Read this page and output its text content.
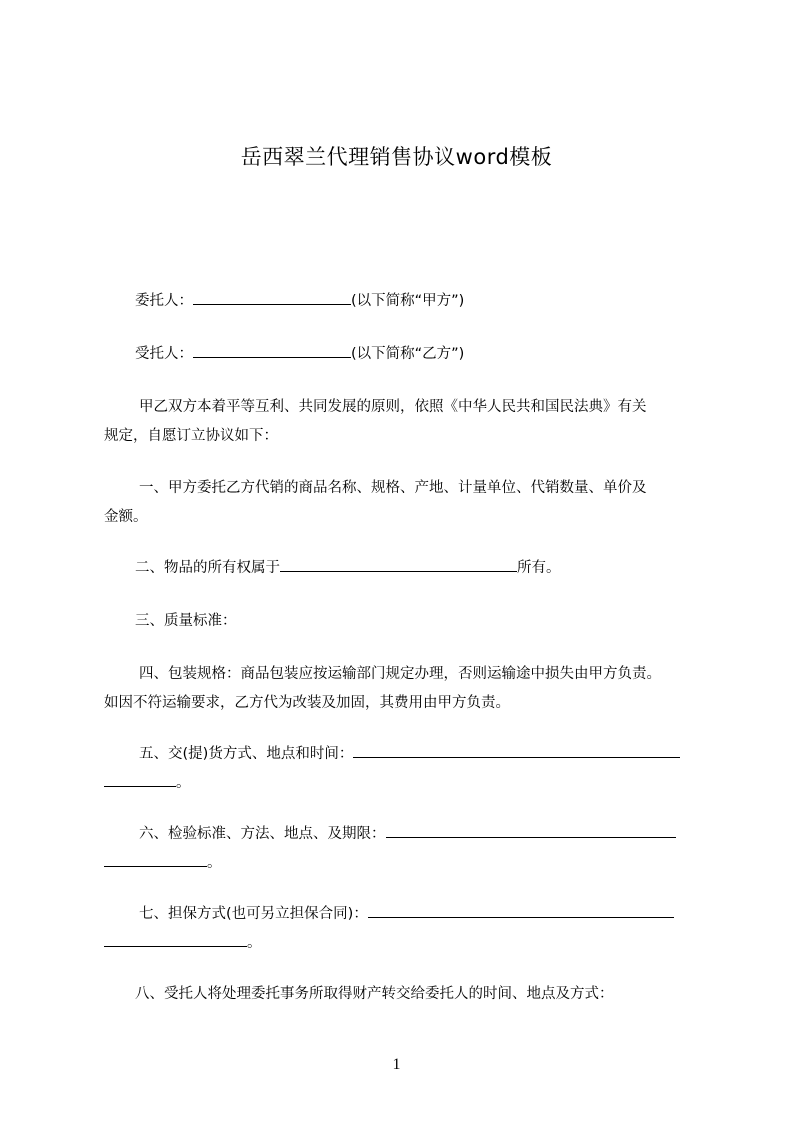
岳西翠兰代理销售协议word模板
委托人：	(以下简称“甲方”)
受托人：	(以下简称“乙方”)
甲乙双方本着平等互利、共同发展的原则，依照《中华人民共和国民法典》有关
规定，自愿订立协议如下：
一、甲方委托乙方代销的商品名称、规格、产地、计量单位、代销数量、单价及
金额。
二、物品的所有权属于	所有。
三、质量标准：
四、包装规格：商品包装应按运输部门规定办理，否则运输途中损失由甲方负责。
如因不符运输要求，乙方代为改装及加固，其费用由甲方负责。
五、交(提)货方式、地点和时间：
。
六、检验标准、方法、地点、及期限：
。
七、担保方式(也可另立担保合同)：
。
八、受托人将处理委托事务所取得财产转交给委托人的时间、地点及方式：
1
